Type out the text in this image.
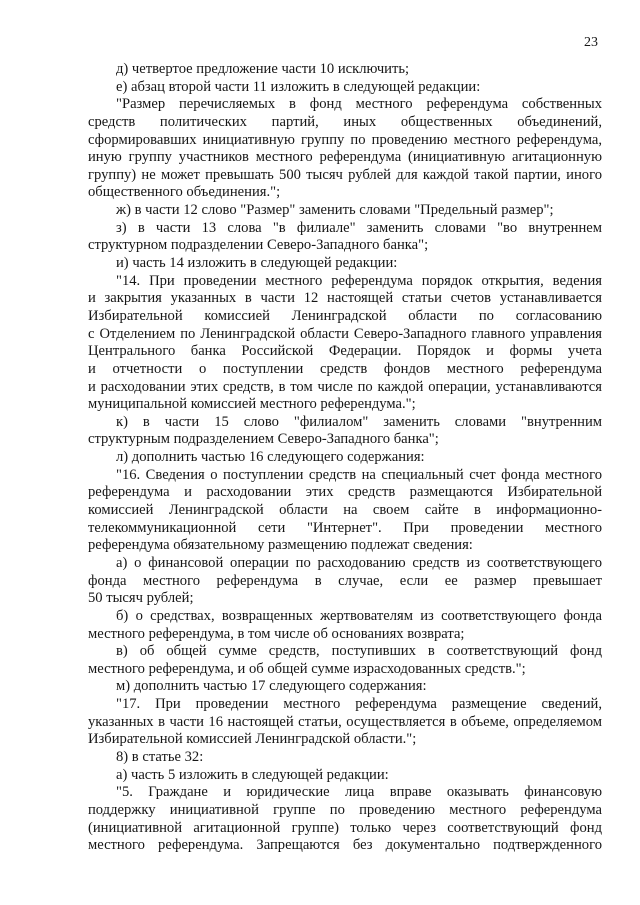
23
д) четвертое предложение части 10 исключить;
е) абзац второй части 11 изложить в следующей редакции:
"Размер перечисляемых в фонд местного референдума собственных
средств политических партий, иных общественных объединений,
сформировавших инициативную группу по проведению местного референдума,
иную группу участников местного референдума (инициативную агитационную
группу) не может превышать 500 тысяч рублей для каждой такой партии, иного
общественного объединения.";
ж) в части 12 слово "Размер" заменить словами "Предельный размер";
з) в части 13 слова "в филиале" заменить словами "во внутреннем
структурном подразделении Северо-Западного банка";
и) часть 14 изложить в следующей редакции:
"14. При проведении местного референдума порядок открытия, ведения
и закрытия указанных в части 12 настоящей статьи счетов устанавливается
Избирательной комиссией Ленинградской области по согласованию
с Отделением по Ленинградской области Северо-Западного главного управления
Центрального банка Российской Федерации. Порядок и формы учета
и отчетности о поступлении средств фондов местного референдума
и расходовании этих средств, в том числе по каждой операции, устанавливаются
муниципальной комиссией местного референдума.";
к) в части 15 слово "филиалом" заменить словами "внутренним
структурным подразделением Северо-Западного банка";
л) дополнить частью 16 следующего содержания:
"16. Сведения о поступлении средств на специальный счет фонда местного
референдума и расходовании этих средств размещаются Избирательной
комиссией Ленинградской области на своем сайте в информационно-
телекоммуникационной сети "Интернет". При проведении местного
референдума обязательному размещению подлежат сведения:
а) о финансовой операции по расходованию средств из соответствующего
фонда местного референдума в случае, если ее размер превышает
50 тысяч рублей;
б) о средствах, возвращенных жертвователям из соответствующего фонда
местного референдума, в том числе об основаниях возврата;
в) об общей сумме средств, поступивших в соответствующий фонд
местного референдума, и об общей сумме израсходованных средств.";
м) дополнить частью 17 следующего содержания:
"17. При проведении местного референдума размещение сведений,
указанных в части 16 настоящей статьи, осуществляется в объеме, определяемом
Избирательной комиссией Ленинградской области.";
8) в статье 32:
а) часть 5 изложить в следующей редакции:
"5. Граждане и юридические лица вправе оказывать финансовую
поддержку инициативной группе по проведению местного референдума
(инициативной агитационной группе) только через соответствующий фонд
местного референдума. Запрещаются без документально подтвержденного
